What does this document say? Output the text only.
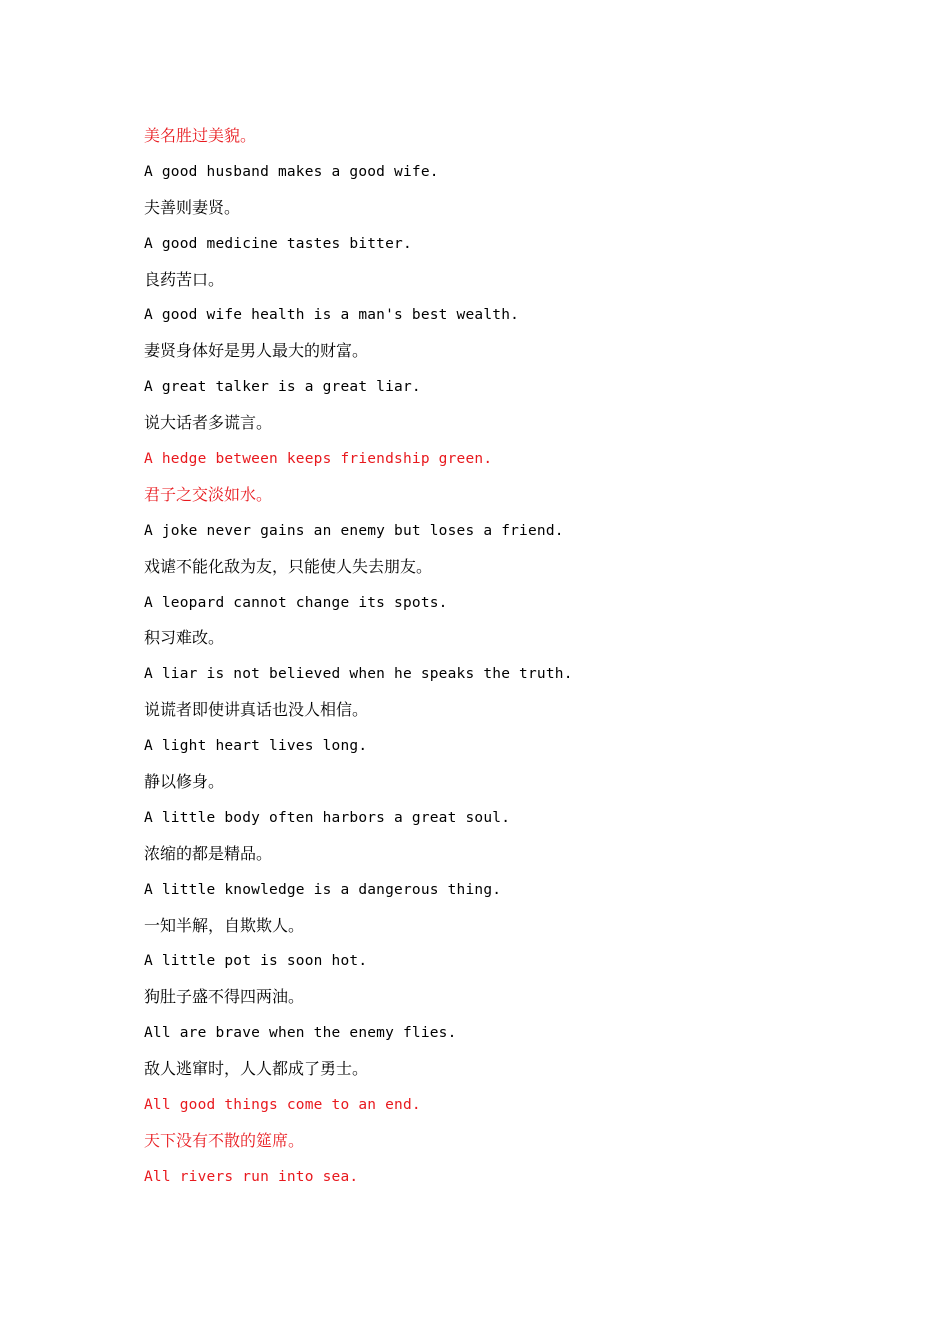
美名胜过美貌。
A good husband makes a good wife.
夫善则妻贤。
A good medicine tastes bitter.
良药苦口。
A good wife health is a man's best wealth.
妻贤身体好是男人最大的财富。
A great talker is a great liar.
说大话者多谎言。
A hedge between keeps friendship green.
君子之交淡如水。
A joke never gains an enemy but loses a friend.
戏谑不能化敌为友，只能使人失去朋友。
A leopard cannot change its spots.
积习难改。
A liar is not believed when he speaks the truth.
说谎者即使讲真话也没人相信。
A light heart lives long.
静以修身。
A little body often harbors a great soul.
浓缩的都是精品。
A little knowledge is a dangerous thing.
一知半解，自欺欺人。
A little pot is soon hot.
狗肚子盛不得四两油。
All are brave when the enemy flies.
敌人逃窜时，人人都成了勇士。
All good things come to an end.
天下没有不散的筵席。
All rivers run into sea.
